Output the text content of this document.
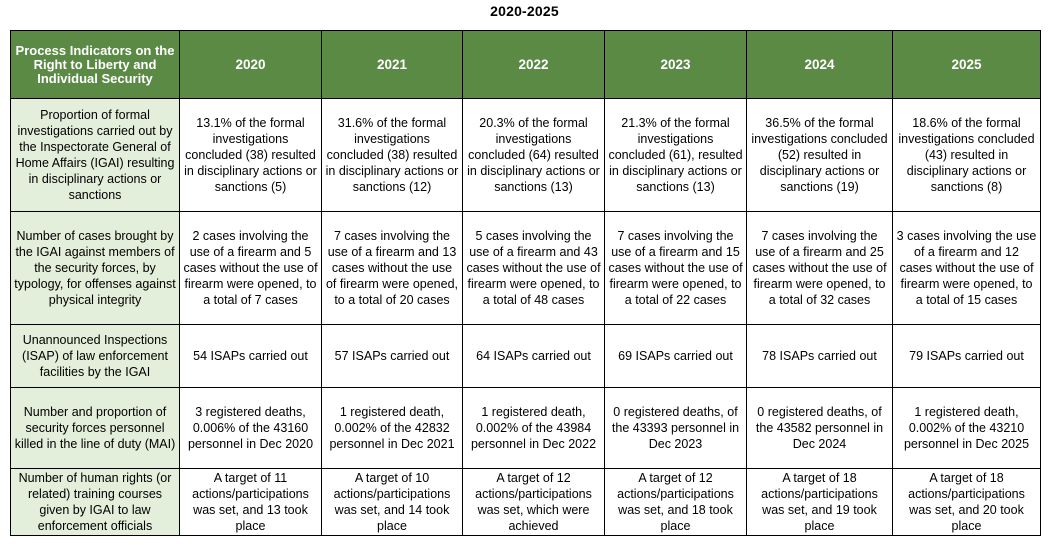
2020-2025
Process Indicators on the Right to Liberty and Individual Security	2020	2021	2022	2023	2024	2025
Proportion of formal investigations carried out by the Inspectorate General of Home Affairs (IGAI) resulting in disciplinary actions or sanctions	13.1% of the formal investigations concluded (38) resulted in disciplinary actions or sanctions (5)	31.6% of the formal investigations concluded (38) resulted in disciplinary actions or sanctions (12)	20.3% of the formal investigations concluded (64) resulted in disciplinary actions or sanctions (13)	21.3% of the formal investigations concluded (61), resulted in disciplinary actions or sanctions (13)	36.5% of the formal investigations concluded (52) resulted in disciplinary actions or sanctions (19)	18.6% of the formal investigations concluded (43) resulted in disciplinary actions or sanctions (8)
Number of cases brought by the IGAI against members of the security forces, by typology, for offenses against physical integrity	2 cases involving the use of a firearm and 5 cases without the use of firearm were opened, to a total of 7 cases	7 cases involving the use of a firearm and 13 cases without the use of firearm were opened, to a total of 20 cases	5 cases involving the use of a firearm and 43 cases without the use of firearm were opened, to a total of 48 cases	7 cases involving the use of a firearm and 15 cases without the use of firearm were opened, to a total of 22 cases	7 cases involving the use of a firearm and 25 cases without the use of firearm were opened, to a total of 32 cases	3 cases involving the use of a firearm and 12 cases without the use of firearm were opened, to a total of 15 cases
Unannounced Inspections (ISAP) of law enforcement facilities by the IGAI	54 ISAPs carried out	57 ISAPs carried out	64 ISAPs carried out	69 ISAPs carried out	78 ISAPs carried out	79 ISAPs carried out
Number and proportion of security forces personnel killed in the line of duty (MAI)	3 registered deaths, 0.006% of the 43160 personnel in Dec 2020	1 registered death, 0.002% of the 42832 personnel in Dec 2021	1 registered death, 0.002% of the 43984 personnel in Dec 2022	0 registered deaths, of the 43393 personnel in Dec 2023	0 registered deaths, of the 43582 personnel in Dec 2024	1 registered death, 0.002% of the 43210 personnel in Dec 2025
Number of human rights (or related) training courses given by IGAI to law enforcement officials	A target of 11 actions/participations was set, and 13 took place	A target of 10 actions/participations was set, and 14 took place	A target of 12 actions/participations was set, which were achieved	A target of 12 actions/participations was set, and 18 took place	A target of 18 actions/participations was set, and 19 took place	A target of 18 actions/participations was set, and 20 took place
